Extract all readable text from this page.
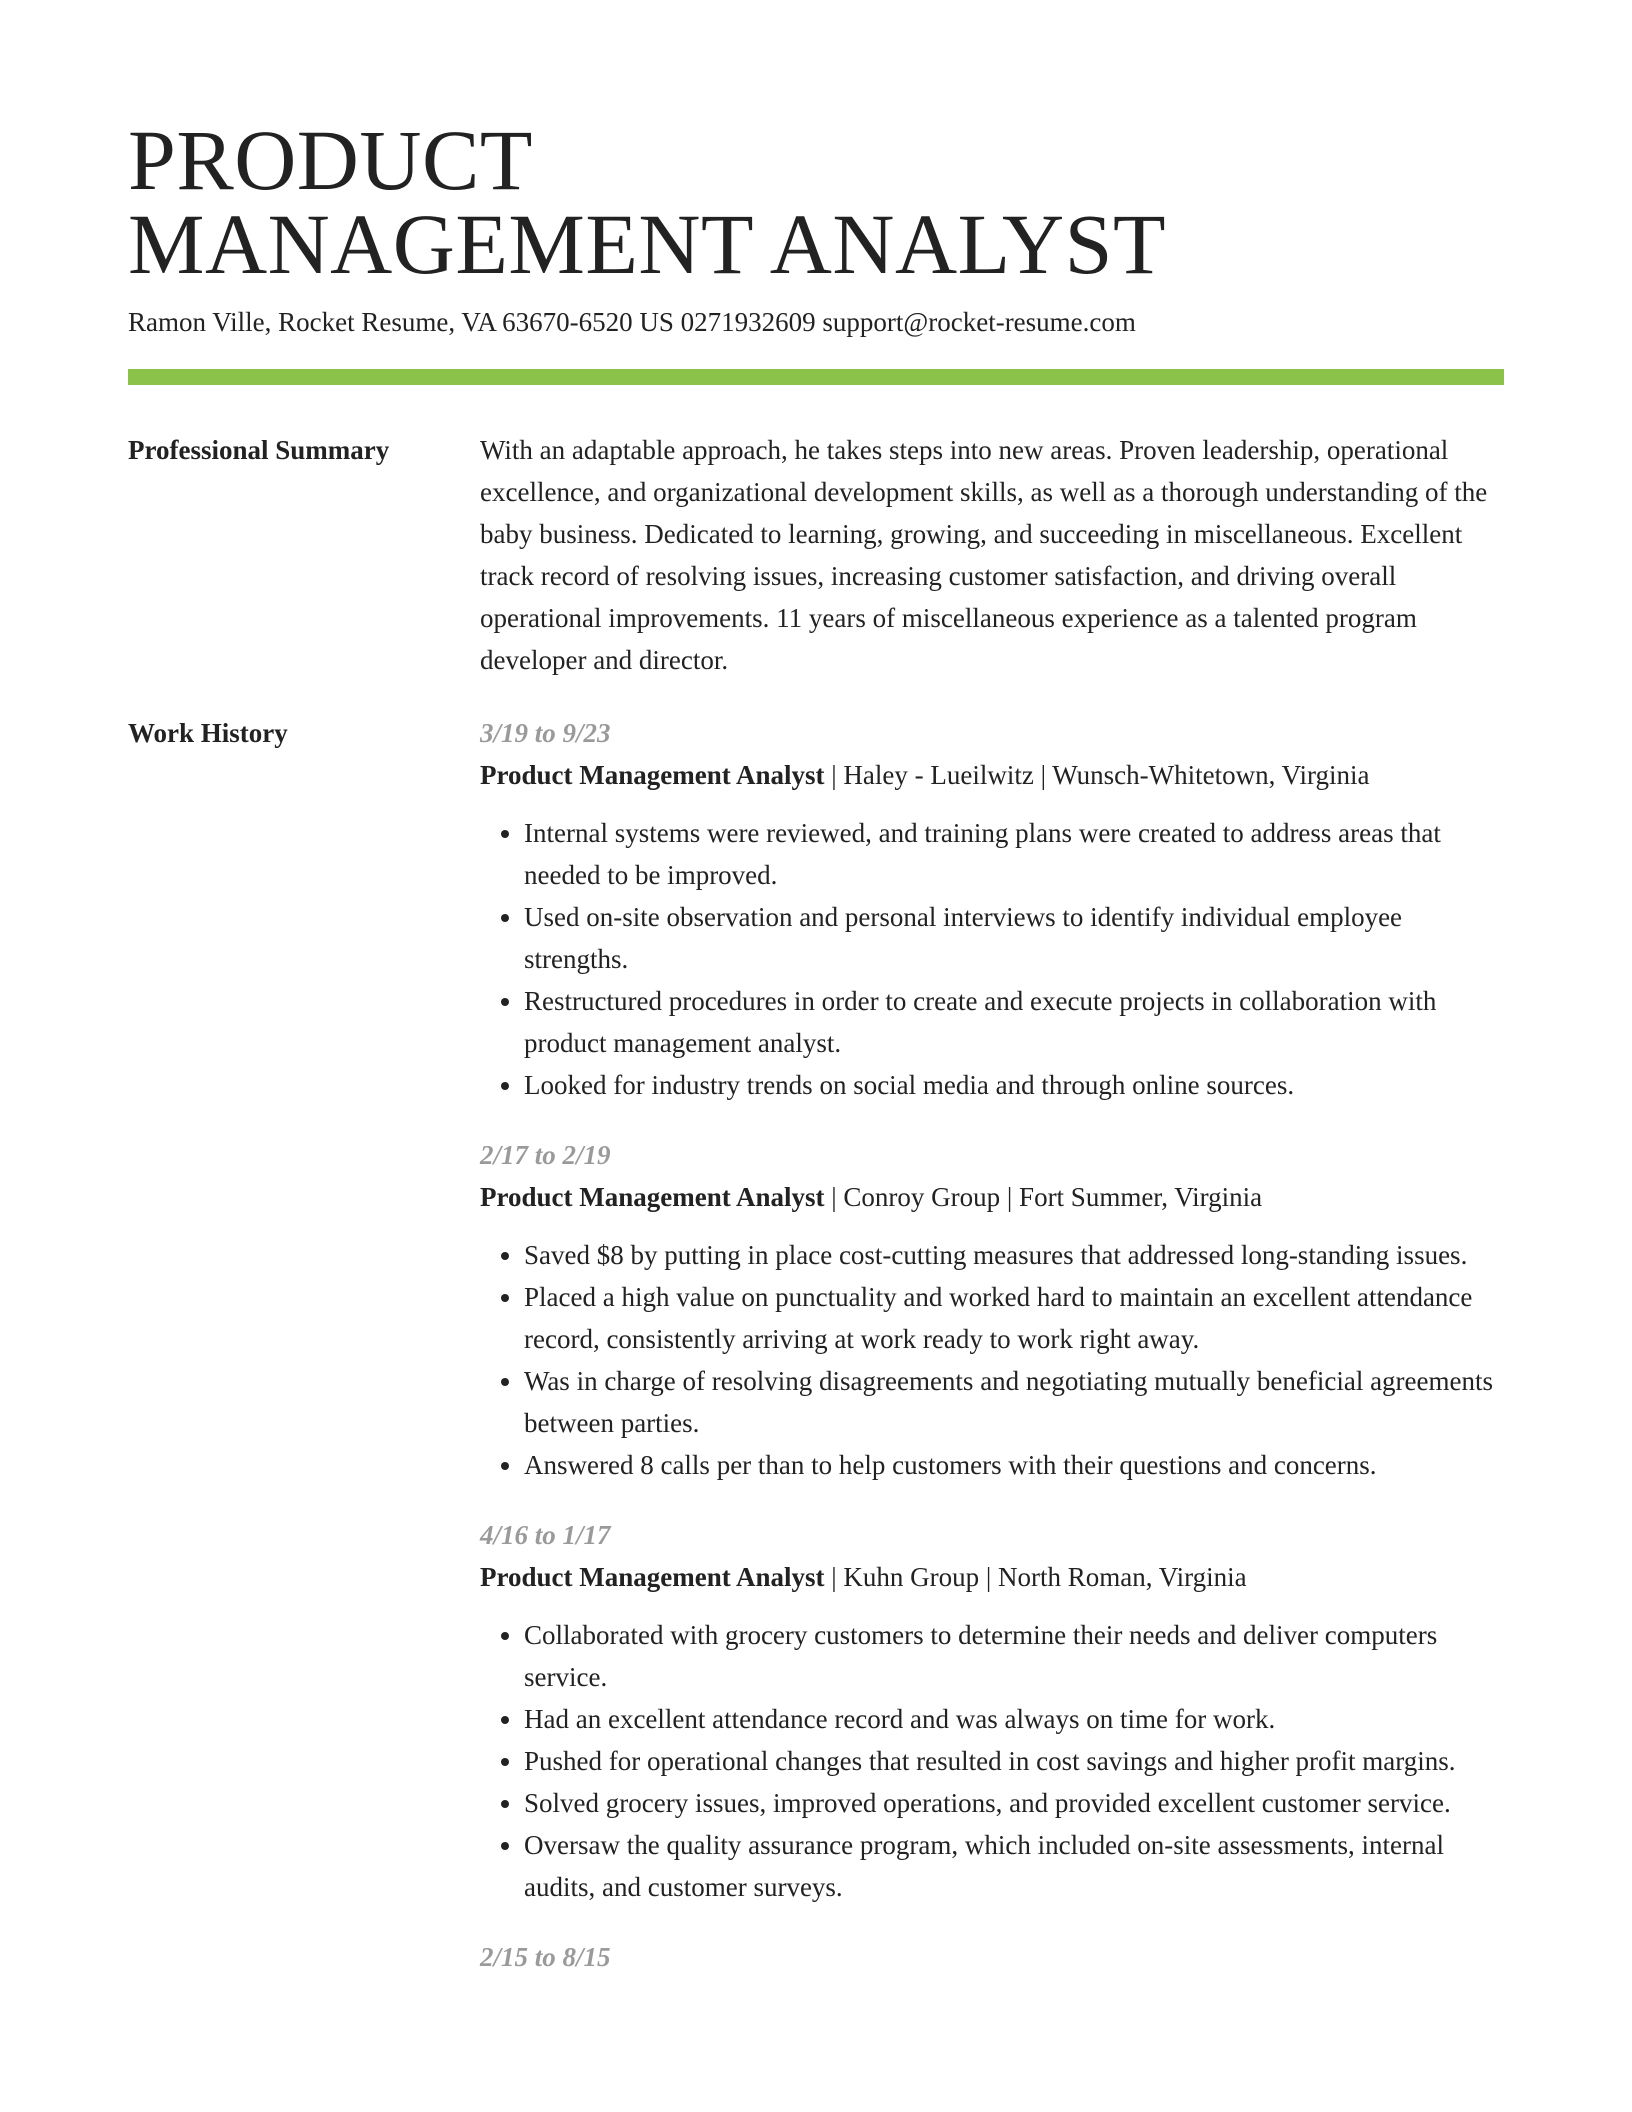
PRODUCT
MANAGEMENT ANALYST
Ramon Ville, Rocket Resume, VA 63670-6520 US 0271932609 support@rocket-resume.com
Professional Summary	With an adaptable approach, he takes steps into new areas. Proven leadership, operational excellence, and organizational development skills, as well as a thorough understanding of the baby business. Dedicated to learning, growing, and succeeding in miscellaneous. Excellent track record of resolving issues, increasing customer satisfaction, and driving overall operational improvements. 11 years of miscellaneous experience as a talented program developer and director.

Work History	3/19 to 9/23
Product Management Analyst | Haley - Lueilwitz | Wunsch-Whitetown, Virginia
• Internal systems were reviewed, and training plans were created to address areas that needed to be improved.
• Used on-site observation and personal interviews to identify individual employee strengths.
• Restructured procedures in order to create and execute projects in collaboration with product management analyst.
• Looked for industry trends on social media and through online sources.
2/17 to 2/19
Product Management Analyst | Conroy Group | Fort Summer, Virginia
• Saved $8 by putting in place cost-cutting measures that addressed long-standing issues.
• Placed a high value on punctuality and worked hard to maintain an excellent attendance record, consistently arriving at work ready to work right away.
• Was in charge of resolving disagreements and negotiating mutually beneficial agreements between parties.
• Answered 8 calls per than to help customers with their questions and concerns.
4/16 to 1/17
Product Management Analyst | Kuhn Group | North Roman, Virginia
• Collaborated with grocery customers to determine their needs and deliver computers service.
• Had an excellent attendance record and was always on time for work.
• Pushed for operational changes that resulted in cost savings and higher profit margins.
• Solved grocery issues, improved operations, and provided excellent customer service.
• Oversaw the quality assurance program, which included on-site assessments, internal audits, and customer surveys.
2/15 to 8/15
